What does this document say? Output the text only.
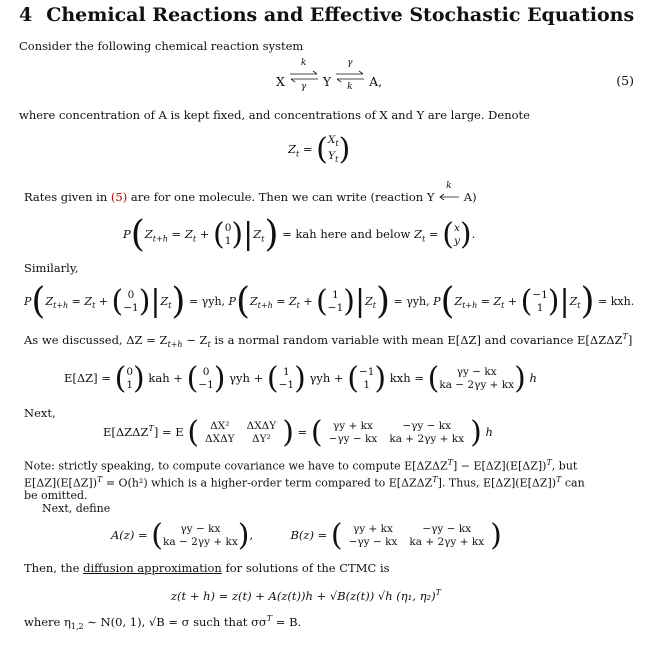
4 Chemical Reactions and Effective Stochastic Equations
Consider the following chemical reaction system
X
k
γ Y
γ
k A,	(5)
where concentration of A is kept fixed, and concentrations of X and Y are large. Denote
$Z_t = (X_t$
$Y_t$)
Rates given in (5) are for one molecule. Then we can write (reaction Y
k
A)
$P(Z_{t+h} = Z_t + (0$
$1)|Z_t$) = kah here and below $Z_t = (x$
y).
Similarly,
$P(Z_{t+h} = Z_t$ + ( 0
$-1)|Z_t) = \gamma yh$, $P(Z_{t+h} = Z_t$ + ( 1
$-1)|Z_t) = \gamma yh$, $P(Z_{t+h} = Z_t + (-1$
1 )$|Z_t$) = kxh.
As we discussed, $\Delta Z = Z_{t+h} - Z_t$ is a normal random variable with mean E[ΔZ] and covariance $E[\Delta Z\Delta Z^T]$
E[ΔZ] = (0
1) kah + ( 0
−1) γyh + ( 1
−1) γyh + (−1
1 ) kxh = ( γy − kx
ka − 2γy + kx) h
Next,
$E[\Delta Z\Delta Z^T] = E$ ( ΔX²	ΔXΔY
ΔXΔY	ΔY² ) = ( γy + kx	−γy − kx
−γy − kx	ka + 2γy + kx ) h
Note: strictly speaking, to compute covariance we have to compute $E[\Delta Z\Delta Z^T] - E[\Delta Z](E[\Delta Z])^T$, but
$E[\Delta Z](E[\Delta Z])^T = O(h^2)$ which is a higher-order term compared to $E[\Delta Z\Delta Z^T]$. Thus, $E[\Delta Z](E[\Delta Z])^T$ can
be omitted.
Next, define
A(z) = ( γy − kx
ka − 2γy + kx),	B(z) = ( γy + kx	−γy − kx
−γy − kx	ka + 2γy + kx )
Then, the diffusion approximation for solutions of the CTMC is
z(t + h) = z(t) + A(z(t))h + √B(z(t)) √h (η₁, η₂)$^T$
where $\eta_{1,2}$ ∼ N(0, 1), √B = σ such that $\sigma\sigma^T = B$.
